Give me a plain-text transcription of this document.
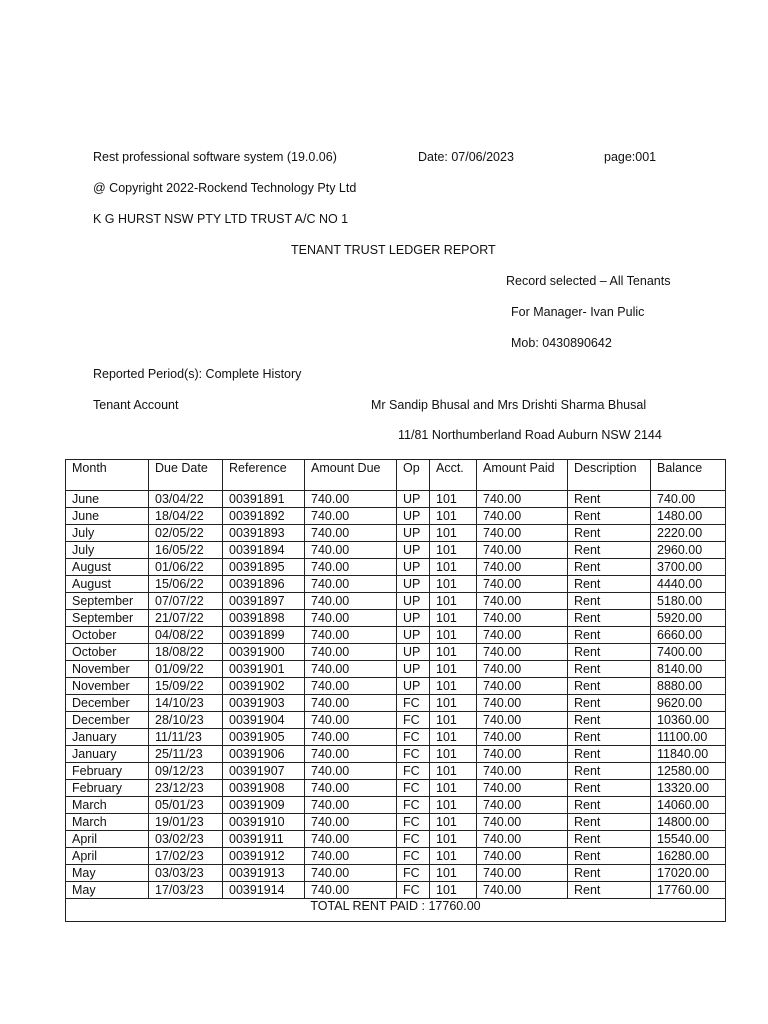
Rest professional software system (19.0.06)	Date: 07/06/2023	page:001
@ Copyright 2022-Rockend Technology Pty Ltd
K G HURST NSW PTY LTD TRUST A/C NO 1
TENANT TRUST LEDGER REPORT
Record selected – All Tenants
For Manager- Ivan Pulic
Mob: 0430890642
Reported Period(s): Complete History
Tenant Account	Mr Sandip Bhusal and Mrs Drishti Sharma Bhusal
11/81 Northumberland Road Auburn NSW 2144
Month	Due Date	Reference	Amount Due	Op	Acct.	Amount Paid	Description	Balance
June	03/04/22	00391891	740.00	UP	101	740.00	Rent	740.00
June	18/04/22	00391892	740.00	UP	101	740.00	Rent	1480.00
July	02/05/22	00391893	740.00	UP	101	740.00	Rent	2220.00
July	16/05/22	00391894	740.00	UP	101	740.00	Rent	2960.00
August	01/06/22	00391895	740.00	UP	101	740.00	Rent	3700.00
August	15/06/22	00391896	740.00	UP	101	740.00	Rent	4440.00
September	07/07/22	00391897	740.00	UP	101	740.00	Rent	5180.00
September	21/07/22	00391898	740.00	UP	101	740.00	Rent	5920.00
October	04/08/22	00391899	740.00	UP	101	740.00	Rent	6660.00
October	18/08/22	00391900	740.00	UP	101	740.00	Rent	7400.00
November	01/09/22	00391901	740.00	UP	101	740.00	Rent	8140.00
November	15/09/22	00391902	740.00	UP	101	740.00	Rent	8880.00
December	14/10/23	00391903	740.00	FC	101	740.00	Rent	9620.00
December	28/10/23	00391904	740.00	FC	101	740.00	Rent	10360.00
January	11/11/23	00391905	740.00	FC	101	740.00	Rent	11100.00
January	25/11/23	00391906	740.00	FC	101	740.00	Rent	11840.00
February	09/12/23	00391907	740.00	FC	101	740.00	Rent	12580.00
February	23/12/23	00391908	740.00	FC	101	740.00	Rent	13320.00
March	05/01/23	00391909	740.00	FC	101	740.00	Rent	14060.00
March	19/01/23	00391910	740.00	FC	101	740.00	Rent	14800.00
April	03/02/23	00391911	740.00	FC	101	740.00	Rent	15540.00
April	17/02/23	00391912	740.00	FC	101	740.00	Rent	16280.00
May	03/03/23	00391913	740.00	FC	101	740.00	Rent	17020.00
May	17/03/23	00391914	740.00	FC	101	740.00	Rent	17760.00
TOTAL RENT PAID : 17760.00								
